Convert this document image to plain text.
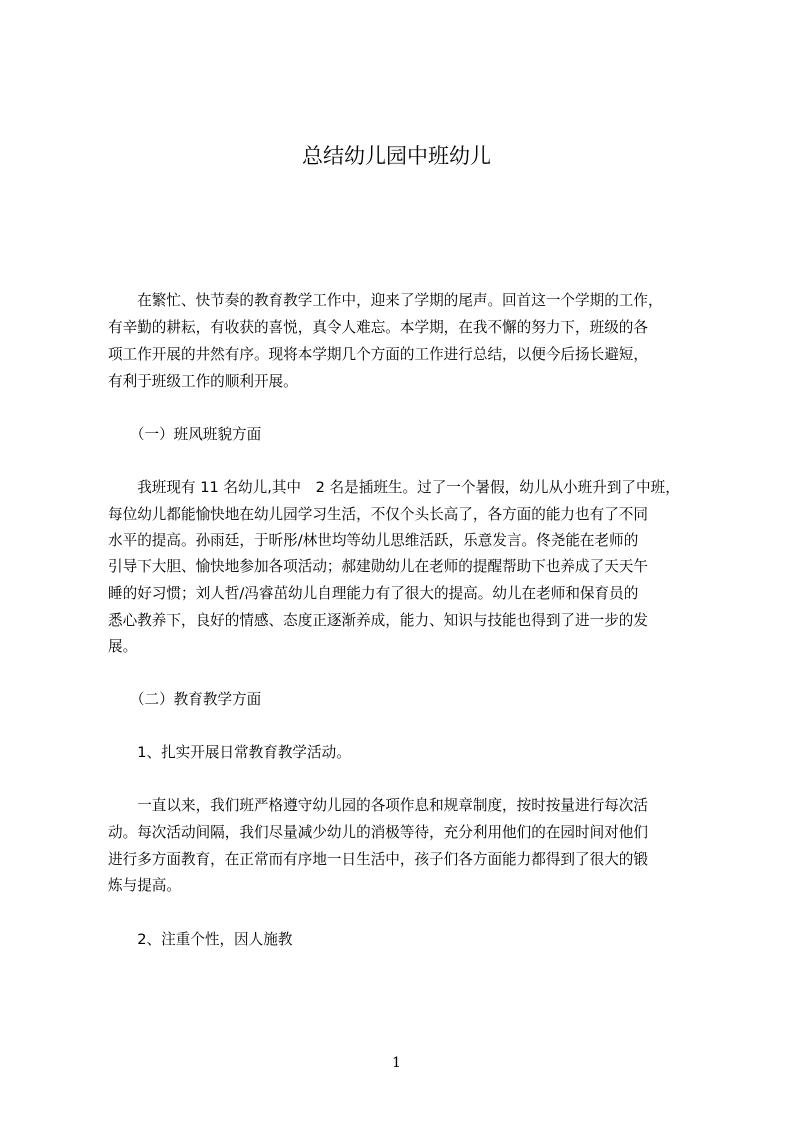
总结幼儿园中班幼儿
　　在繁忙、快节奏的教育教学工作中，迎来了学期的尾声。回首这一个学期的工作，
有辛勤的耕耘，有收获的喜悦，真令人难忘。本学期，在我不懈的努力下，班级的各
项工作开展的井然有序。现将本学期几个方面的工作进行总结，以便今后扬长避短，
有利于班级工作的顺利开展。
　　（一）班风班貌方面
　　我班现有 11 名幼儿,其中　2 名是插班生。过了一个暑假，幼儿从小班升到了中班，
每位幼儿都能愉快地在幼儿园学习生活，不仅个头长高了，各方面的能力也有了不同
水平的提高。孙雨廷，于昕彤/林世均等幼儿思维活跃，乐意发言。佟尧能在老师的
引导下大胆、愉快地参加各项活动；郝建勋幼儿在老师的提醒帮助下也养成了天天午
睡的好习惯；刘人哲/冯睿茁幼儿自理能力有了很大的提高。幼儿在老师和保育员的
悉心教养下，良好的情感、态度正逐渐养成，能力、知识与技能也得到了进一步的发
展。
　　（二）教育教学方面
　　1、扎实开展日常教育教学活动。
　　一直以来，我们班严格遵守幼儿园的各项作息和规章制度，按时按量进行每次活
动。每次活动间隔，我们尽量减少幼儿的消极等待，充分利用他们的在园时间对他们
进行多方面教育，在正常而有序地一日生活中，孩子们各方面能力都得到了很大的锻
炼与提高。
　　2、注重个性，因人施教
1
